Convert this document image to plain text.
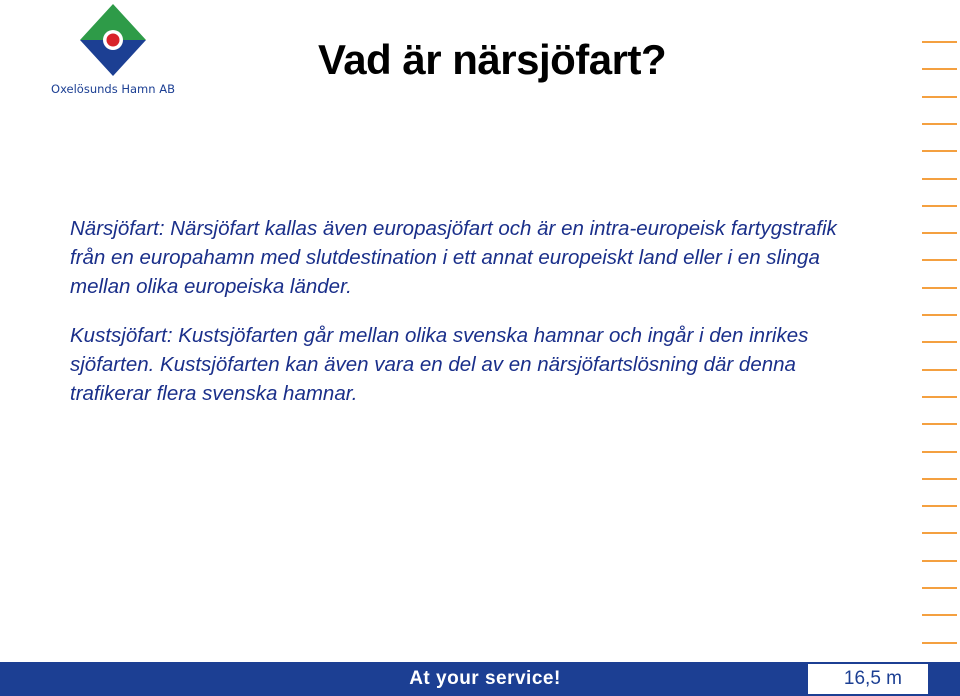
Oxelösunds Hamn AB
Vad är närsjöfart?

Närsjöfart: Närsjöfart kallas även europasjöfart och är en intra-europeisk fartygstrafik från en europahamn med slutdestination i ett annat europeiskt land eller i en slinga mellan olika europeiska länder.

Kustsjöfart: Kustsjöfarten går mellan olika svenska hamnar och ingår i den inrikes sjöfarten. Kustsjöfarten kan även vara en del av en närsjöfartslösning där denna trafikerar flera svenska hamnar.

At your service!	16,5 m
